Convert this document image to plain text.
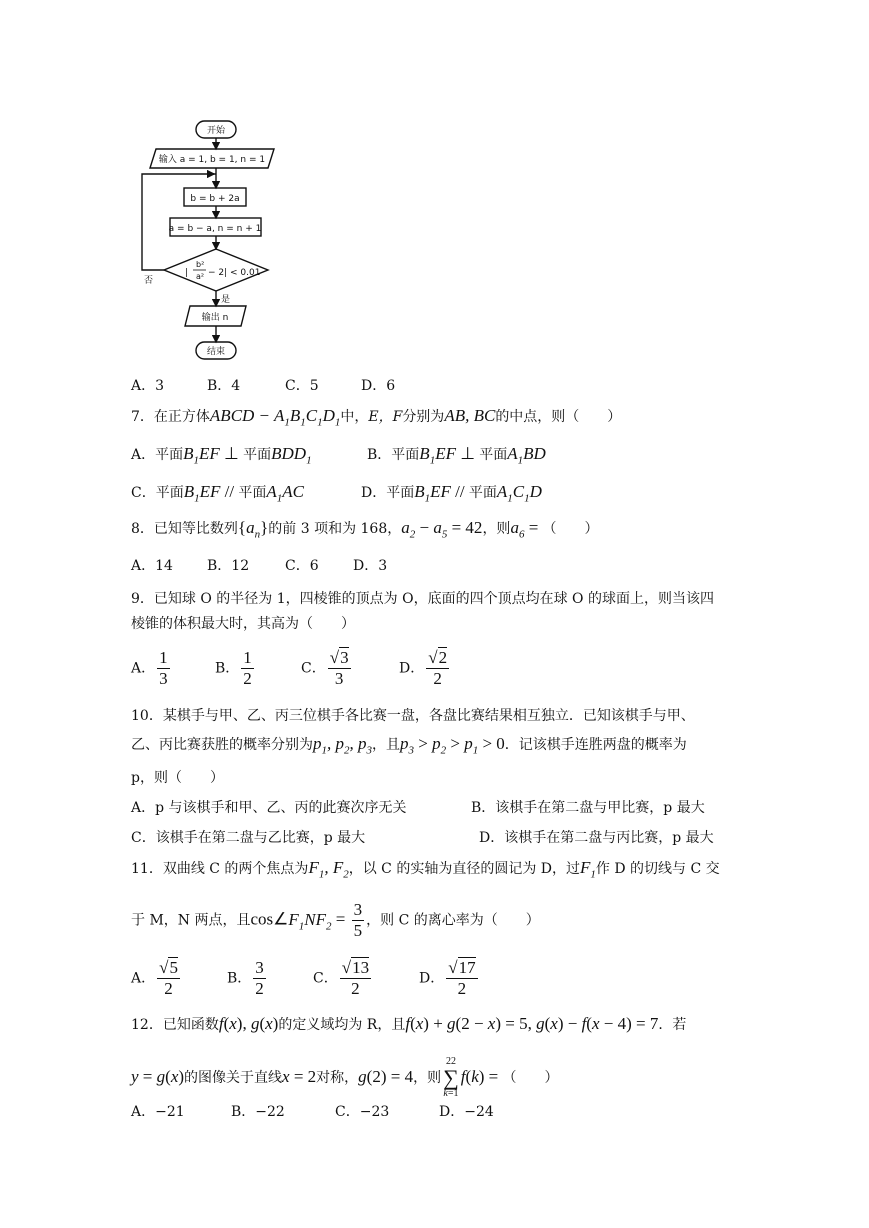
开始
输入 a = 1, b = 1, n = 1
b = b + 2a
a = b − a, n = n + 1
|
b²
a² − 2| < 0.01
否
是
输出 n
结束
A．3	B．4	C．5	D．6
7．在正方体ABCD − $A_1B_1C_1D_1$中，E，F分别为AB, BC的中点，则（　　）
A．平面$B_1EF$ ⊥ 平面$BDD_1$	B．平面$B_1EF$ ⊥ 平面$A_1BD$
C．平面$B_1EF$ // 平面$A_1AC$	D．平面$B_1EF$ // 平面$A_1C_1D$
8．已知等比数列$\{a_n\}$的前 3 项和为 168，$a_2 - a_5 = 42$，则$a_6$ = （　　）
A．14 B．12	C．6 D．3
9．已知球 O 的半径为 1，四棱锥的顶点为 O，底面的四个顶点均在球 O 的球面上，则当该四
棱锥的体积最大时，其高为（　　）
A． $\frac{1}{3}$	B． $\frac{1}{2}$	C． $\frac{√3}{3}$	D． $\frac{√2}{2}$
10．某棋手与甲、乙、丙三位棋手各比赛一盘，各盘比赛结果相互独立．已知该棋手与甲、
乙、丙比赛获胜的概率分别为$p_1$, $p_2$, $p_3$，且$p_3 > p_2 > p_1 > 0$．记该棋手连胜两盘的概率为
p，则（　　）
A．p 与该棋手和甲、乙、丙的此赛次序无关	B．该棋手在第二盘与甲比赛，p 最大
C．该棋手在第二盘与乙比赛，p 最大	D．该棋手在第二盘与丙比赛，p 最大
11．双曲线 C 的两个焦点为$F_1$, $F_2$，以 C 的实轴为直径的圆记为 D，过$F_1$作 D 的切线与 C 交
于 M，N 两点，且$\cos\angle F_1NF_2 = \frac{3}{5}$ ，则 C 的离心率为（　　）
A． $\frac{√5}{2}$	B． $\frac{3}{2}$	C． $\frac{√13}{2}$	D． $\frac{√17}{2}$
12．已知函数f(x), g(x)的定义域均为 R，且f(x) + g(2 − x) = 5, g(x) − f(x − 4) = 7．若
y = g(x)的图像关于直线x = 2对称，g(2) = 4，则
22
∑
k=1
f(k) = （　　）
A．−21	B．−22	C．−23	D．−24
